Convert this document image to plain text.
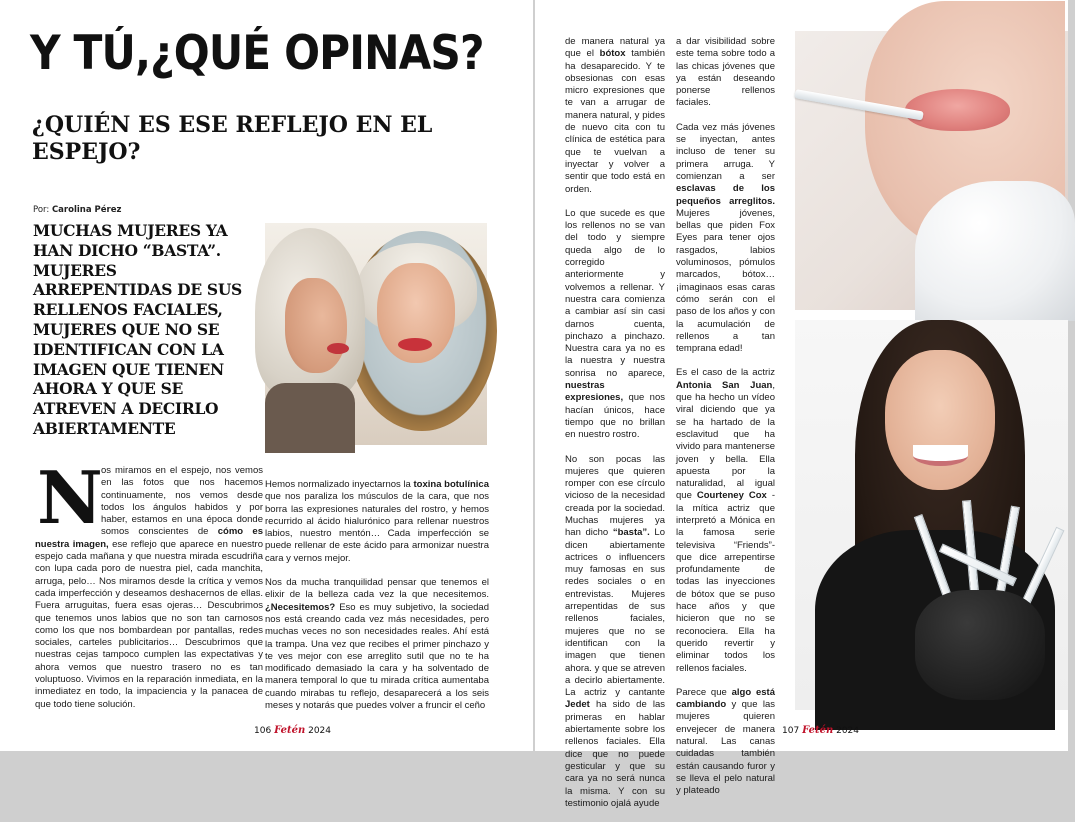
Y TÚ,¿QUÉ OPINAS?
¿QUIÉN ES ESE REFLEJO EN EL ESPEJO?
Por: Carolina Pérez

MUCHAS MUJERES YA HAN DICHO “BASTA”. MUJERES ARREPENTIDAS DE SUS RELLENOS FACIALES, MUJERES QUE NO SE IDENTIFICAN CON LA IMAGEN QUE TIENEN AHORA Y QUE SE ATREVEN A DECIRLO ABIERTAMENTE

N
os miramos en el espejo, nos vemos en las fotos que nos hacemos continuamente, nos vemos desde todos los ángulos habidos y por haber, estamos en una época donde somos conscientes de cómo es nuestra imagen, ese reflejo que aparece en nuestro espejo cada mañana y que nuestra mirada escudriña con lupa cada poro de nuestra piel, cada manchita, arruga, pelo… Nos miramos desde la crítica y vemos cada imperfección y deseamos deshacernos de ellas. Fuera arruguitas, fuera esas ojeras… Descubrimos que tenemos unos labios que no son tan carnosos como los que nos bombardean por pantallas, redes sociales, carteles publicitarios… Descubrimos que nuestras cejas tampoco cumplen las expectativas y ahora vemos que nuestro trasero no es tan voluptuoso. Vivimos en la reparación inmediata, en la inmediatez en todo, la impaciencia y la panacea de que todo tiene solución.

Hemos normalizado inyectarnos la toxina botulínica que nos paraliza los músculos de la cara, que nos borra las expresiones naturales del rostro, y hemos recurrido al ácido hialurónico para rellenar nuestros labios, nuestro mentón… Cada imperfección se puede rellenar de este ácido para armonizar nuestra cara y vernos mejor.

Nos da mucha tranquilidad pensar que tenemos el elixir de la belleza cada vez la que necesitemos. ¿Necesitemos? Eso es muy subjetivo, la sociedad nos está creando cada vez más necesidades, pero muchas veces no son necesidades reales. Ahí está la trampa. Una vez que recibes el primer pinchazo y te ves mejor con ese arreglito sutil que no te ha modificado demasiado la cara y ha solventado de manera temporal lo que tu mirada crítica aumentaba cuando mirabas tu reflejo, desaparecerá a los seis meses y notarás que puedes volver a fruncir el ceño

106 Fetén 2024

de manera natural ya que el bótox también ha desaparecido. Y te obsesionas con esas micro expresiones que te van a arrugar de manera natural, y pides de nuevo cita con tu clínica de estética para que te vuelvan a inyectar y volver a sentir que todo está en orden.

Lo que sucede es que los rellenos no se van del todo y siempre queda algo de lo corregido anteriormente y volvemos a rellenar. Y nuestra cara comienza a cambiar así sin casi darnos cuenta, pinchazo a pinchazo. Nuestra cara ya no es la nuestra y nuestra sonrisa no aparece, nuestras expresiones, que nos hacían únicos, hace tiempo que no brillan en nuestro rostro.

No son pocas las mujeres que quieren romper con ese círculo vicioso de la necesidad creada por la sociedad. Muchas mujeres ya han dicho “basta”. Lo dicen abiertamente actrices o influencers muy famosas en sus redes sociales o en entrevistas. Mujeres arrepentidas de sus rellenos faciales, mujeres que no se identifican con la imagen que tienen ahora. y que se atreven a decirlo abiertamente. La actriz y cantante Jedet ha sido de las primeras en hablar abiertamente sobre los rellenos faciales. Ella dice que no puede gesticular y que su cara ya no será nunca la misma. Y con su testimonio ojalá ayude

a dar visibilidad sobre este tema sobre todo a las chicas jóvenes que ya están deseando ponerse rellenos faciales.

Cada vez más jóvenes se inyectan, antes incluso de tener su primera arruga. Y comienzan a ser esclavas de los pequeños arreglitos. Mujeres jóvenes, bellas que piden Fox Eyes para tener ojos rasgados, labios voluminosos, pómulos marcados, bótox… ¡imaginaos esas caras cómo serán con el paso de los años y con la acumulación de rellenos a tan temprana edad!

Es el caso de la actriz Antonia San Juan, que ha hecho un vídeo viral diciendo que ya se ha hartado de la esclavitud que ha vivido para mantenerse joven y bella. Ella apuesta por la naturalidad, al igual que Courteney Cox -la mítica actriz que interpretó a Mónica en la famosa serie televisiva “Friends”- que dice arrepentirse profundamente de todas las inyecciones de bótox que se puso hace años y que hicieron que no se reconociera. Ella ha querido revertir y eliminar todos los rellenos faciales.

Parece que algo está cambiando y que las mujeres quieren envejecer de manera natural. Las canas cuidadas también están causando furor y se lleva el pelo natural y plateado

107 Fetén 2024
